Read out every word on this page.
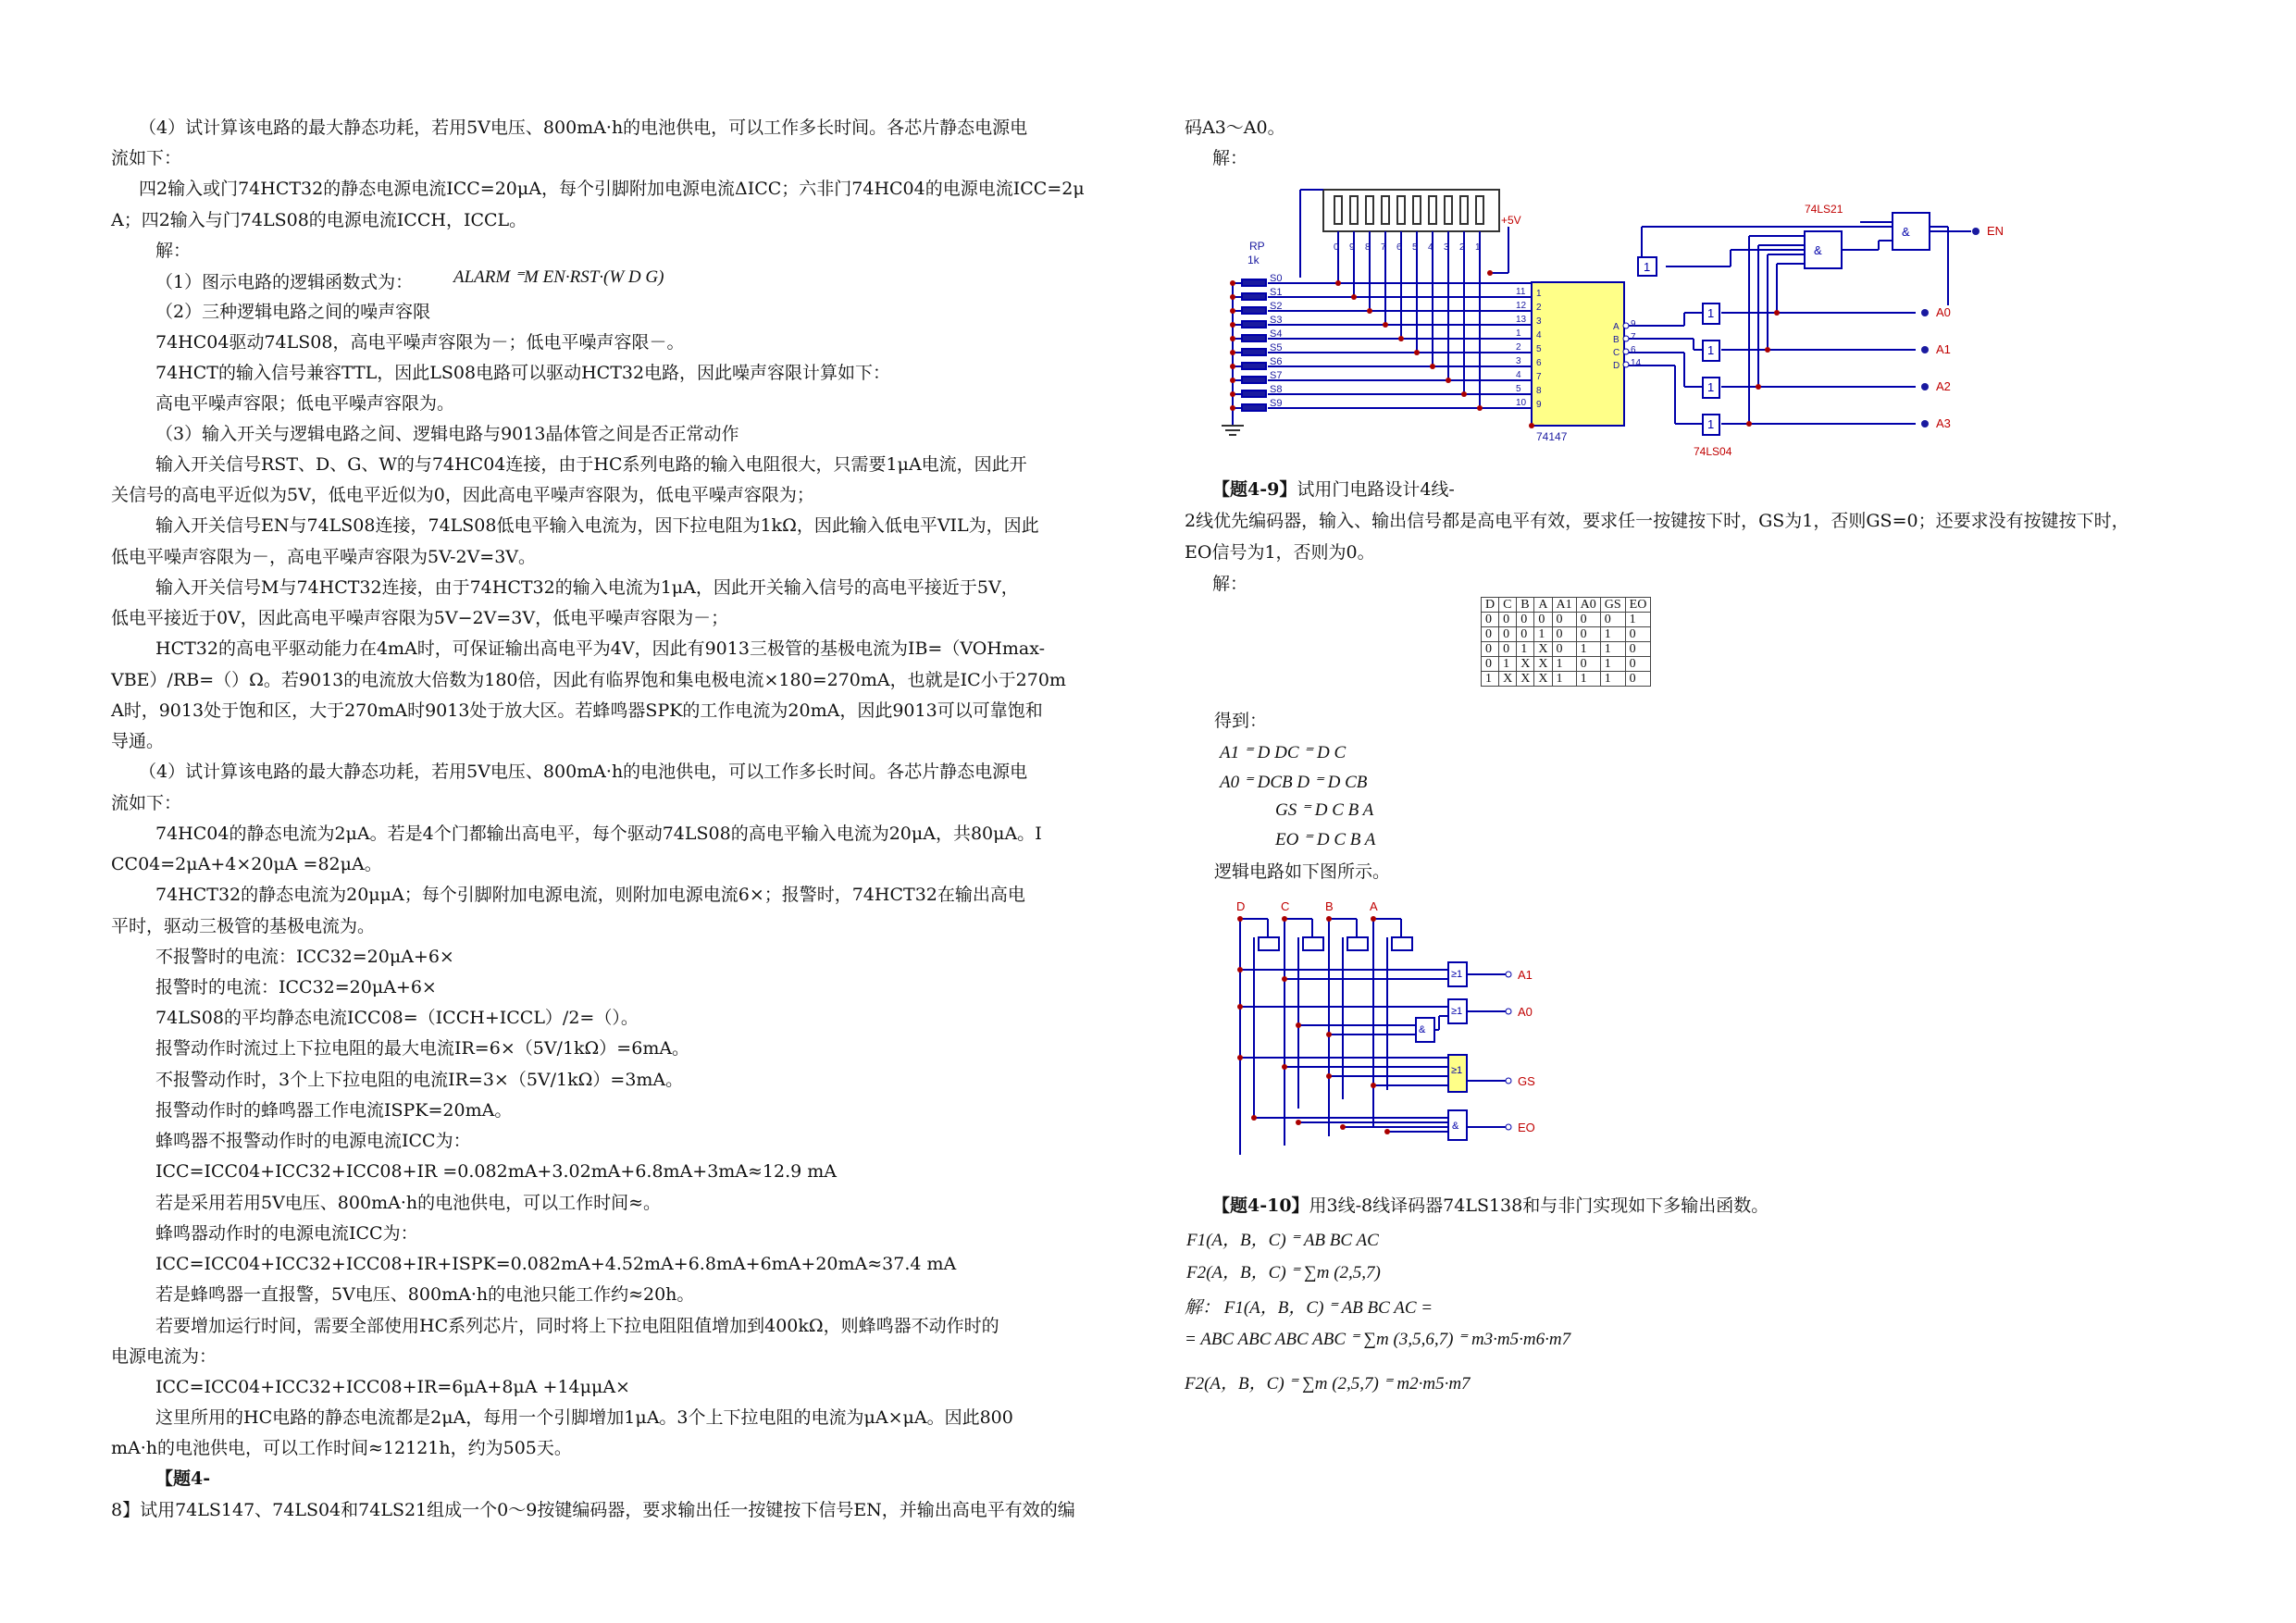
（4）试计算该电路的最大静态功耗，若用5V电压、800mA·h的电池供电，可以工作多长时间。各芯片静态电源电
流如下：
四2输入或门74HCT32的静态电源电流ICC=20μA，每个引脚附加电源电流ΔICC；六非门74HC04的电源电流ICC=2μ
A；四2输入与门74LS08的电源电流ICCH，ICCL。
解：
（1）图示电路的逻辑函数式为：
（2）三种逻辑电路之间的噪声容限
74HC04驱动74LS08，高电平噪声容限为－；低电平噪声容限－。
74HCT的输入信号兼容TTL，因此LS08电路可以驱动HCT32电路，因此噪声容限计算如下：
高电平噪声容限；低电平噪声容限为。
（3）输入开关与逻辑电路之间、逻辑电路与9013晶体管之间是否正常动作
输入开关信号RST、D、G、W的与74HC04连接，由于HC系列电路的输入电阻很大，只需要1μA电流，因此开
关信号的高电平近似为5V，低电平近似为0，因此高电平噪声容限为，低电平噪声容限为；
输入开关信号EN与74LS08连接，74LS08低电平输入电流为，因下拉电阻为1kΩ，因此输入低电平VIL为，因此
低电平噪声容限为－，高电平噪声容限为5V-2V=3V。
输入开关信号M与74HCT32连接，由于74HCT32的输入电流为1μA，因此开关输入信号的高电平接近于5V，
低电平接近于0V，因此高电平噪声容限为5V−2V=3V，低电平噪声容限为－；
HCT32的高电平驱动能力在4mA时，可保证输出高电平为4V，因此有9013三极管的基极电流为IB=（VOHmax-
VBE）/RB=（）Ω。若9013的电流放大倍数为180倍，因此有临界饱和集电极电流×180=270mA，也就是IC小于270m
A时，9013处于饱和区，大于270mA时9013处于放大区。若蜂鸣器SPK的工作电流为20mA，因此9013可以可靠饱和
导通。
（4）试计算该电路的最大静态功耗，若用5V电压、800mA·h的电池供电，可以工作多长时间。各芯片静态电源电
流如下：
74HC04的静态电流为2μA。若是4个门都输出高电平，每个驱动74LS08的高电平输入电流为20μA，共80μA。I
CC04=2μA+4×20μA =82μA。
74HCT32的静态电流为20μμA；每个引脚附加电源电流，则附加电源电流6×；报警时，74HCT32在输出高电
平时，驱动三极管的基极电流为。
不报警时的电流：ICC32=20μA+6×
报警时的电流：ICC32=20μA+6×
74LS08的平均静态电流ICC08=（ICCH+ICCL）/2=（）。
报警动作时流过上下拉电阻的最大电流IR=6×（5V/1kΩ）=6mA。
不报警动作时，3个上下拉电阻的电流IR=3×（5V/1kΩ）=3mA。
报警动作时的蜂鸣器工作电流ISPK=20mA。
蜂鸣器不报警动作时的电源电流ICC为：
ICC=ICC04+ICC32+ICC08+IR =0.082mA+3.02mA+6.8mA+3mA≈12.9 mA
若是采用若用5V电压、800mA·h的电池供电，可以工作时间≈。
蜂鸣器动作时的电源电流ICC为：
ICC=ICC04+ICC32+ICC08+IR+ISPK=0.082mA+4.52mA+6.8mA+6mA+20mA≈37.4 mA
若是蜂鸣器一直报警，5V电压、800mA·h的电池只能工作约≈20h。
若要增加运行时间，需要全部使用HC系列芯片，同时将上下拉电阻阻值增加到400kΩ，则蜂鸣器不动作时的
电源电流为：
ICC=ICC04+ICC32+ICC08+IR=6μA+8μA +14μμA×
这里所用的HC电路的静态电流都是2μA，每用一个引脚增加1μA。3个上下拉电阻的电流为μA×μA。因此800
mA·h的电池供电，可以工作时间≈12121h，约为505天。
【题4-
8】试用74LS147、74LS04和74LS21组成一个0～9按键编码器，要求输出任一按键按下信号EN，并输出高电平有效的编
ALARM ⁼M EN·RST·(W D G)
码A3～A0。
解：
【题4-9】试用门电路设计4线-
2线优先编码器，输入、输出信号都是高电平有效，要求任一按键按下时，GS为1，否则GS=0；还要求没有按键按下时，
EO信号为1，否则为0。
解：
D	C	B	A	A1	A0	GS	EO
0	0	0	0	0	0	0	1
0	0	0	1	0	0	1	0
0	0	1	X	0	1	1	0
0	1	X	X	1	0	1	0
1	X	X	X	1	1	1	0
得到：
A1 ⁼ D DC ⁼ D C
A0 ⁼ DCB D ⁼ D CB
GS ⁼ D C B A
EO ⁼ D C B A
逻辑电路如下图所示。
【题4-10】用3线-8线译码器74LS138和与非门实现如下多输出函数。
F1(A，B，C) ⁼ AB BC AC
F2(A，B，C) ⁼ ∑m (2,5,7)
解： F1(A，B，C) ⁼ AB BC AC =
= ABC ABC ABC ABC ⁼ ∑m (3,5,6,7) ⁼ m3·m5·m6·m7
F2(A，B，C) ⁼ ∑m (2,5,7) ⁼ m2·m5·m7
1
1
1
1
1
&
&
RP
1k
+5V
74147
74LS21
74LS04
0
S0
9
S1
8
S2
7
S3
6
S4
5
S5
4
S6
3
S7
2
S8
1
S9
11 1
12 2
13 3
1 4
2 5
3 6
4 7
5 8
10 9
A 9
B 7
C 6
D 14
EN
A0
A1
A2
A3
≥1
≥1
&
≥1
&
D	C	B	A
A1
A0
GS
EO
